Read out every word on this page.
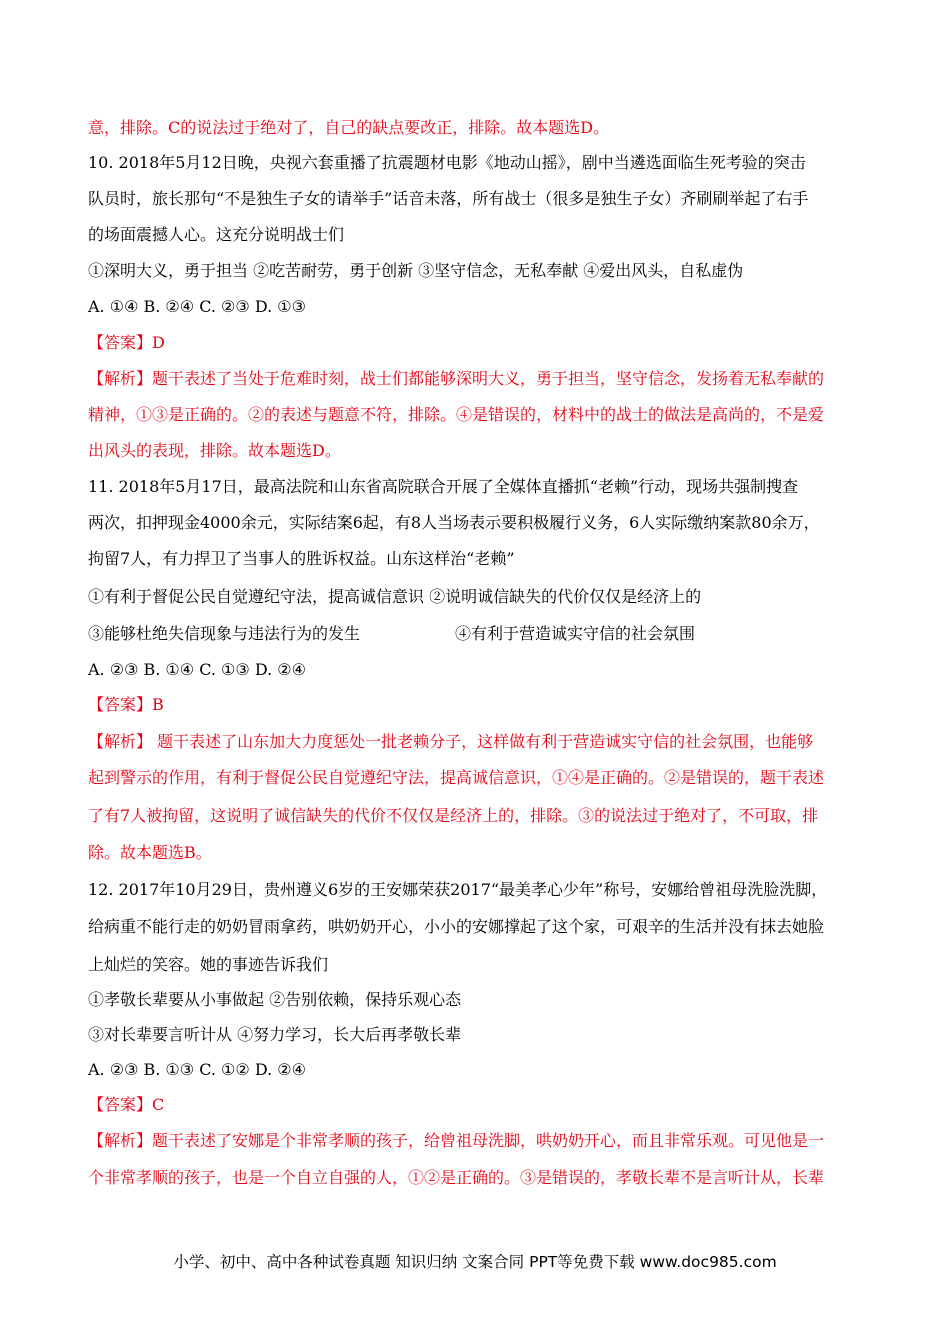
意，排除。C的说法过于绝对了，自己的缺点要改正，排除。故本题选D。
10. 2018年5月12日晚，央视六套重播了抗震题材电影《地动山摇》，剧中当遴选面临生死考验的突击
队员时，旅长那句“不是独生子女的请举手”话音未落，所有战士（很多是独生子女）齐刷刷举起了右手
的场面震撼人心。这充分说明战士们
①深明大义，勇于担当 ②吃苦耐劳，勇于创新 ③坚守信念，无私奉献 ④爱出风头，自私虚伪
A. ①④ B. ②④ C. ②③ D. ①③
【答案】D
【解析】题干表述了当处于危难时刻，战士们都能够深明大义，勇于担当，坚守信念，发扬着无私奉献的
精神，①③是正确的。②的表述与题意不符，排除。④是错误的，材料中的战士的做法是高尚的，不是爱
出风头的表现，排除。故本题选D。
11. 2018年5月17日，最高法院和山东省高院联合开展了全媒体直播抓“老赖”行动，现场共强制搜查
两次，扣押现金4000余元，实际结案6起，有8人当场表示要积极履行义务，6人实际缴纳案款80余万，
拘留7人，有力捍卫了当事人的胜诉权益。山东这样治“老赖”
①有利于督促公民自觉遵纪守法，提高诚信意识 ②说明诚信缺失的代价仅仅是经济上的
③能够杜绝失信现象与违法行为的发生	④有利于营造诚实守信的社会氛围
A. ②③ B. ①④ C. ①③ D. ②④
【答案】B
【解析】 题干表述了山东加大力度惩处一批老赖分子，这样做有利于营造诚实守信的社会氛围，也能够
起到警示的作用，有利于督促公民自觉遵纪守法，提高诚信意识，①④是正确的。②是错误的，题干表述
了有7人被拘留，这说明了诚信缺失的代价不仅仅是经济上的，排除。③的说法过于绝对了，不可取，排
除。故本题选B。
12. 2017年10月29日，贵州遵义6岁的王安娜荣获2017“最美孝心少年”称号，安娜给曾祖母洗脸洗脚，
给病重不能行走的奶奶冒雨拿药，哄奶奶开心，小小的安娜撑起了这个家，可艰辛的生活并没有抹去她脸
上灿烂的笑容。她的事迹告诉我们
①孝敬长辈要从小事做起 ②告别依赖，保持乐观心态
③对长辈要言听计从 ④努力学习，长大后再孝敬长辈
A. ②③ B. ①③ C. ①② D. ②④
【答案】C
【解析】题干表述了安娜是个非常孝顺的孩子，给曾祖母洗脚，哄奶奶开心，而且非常乐观。可见他是一
个非常孝顺的孩子，也是一个自立自强的人，①②是正确的。③是错误的，孝敬长辈不是言听计从，长辈
小学、初中、高中各种试卷真题 知识归纳 文案合同 PPT等免费下载 www.doc985.com
